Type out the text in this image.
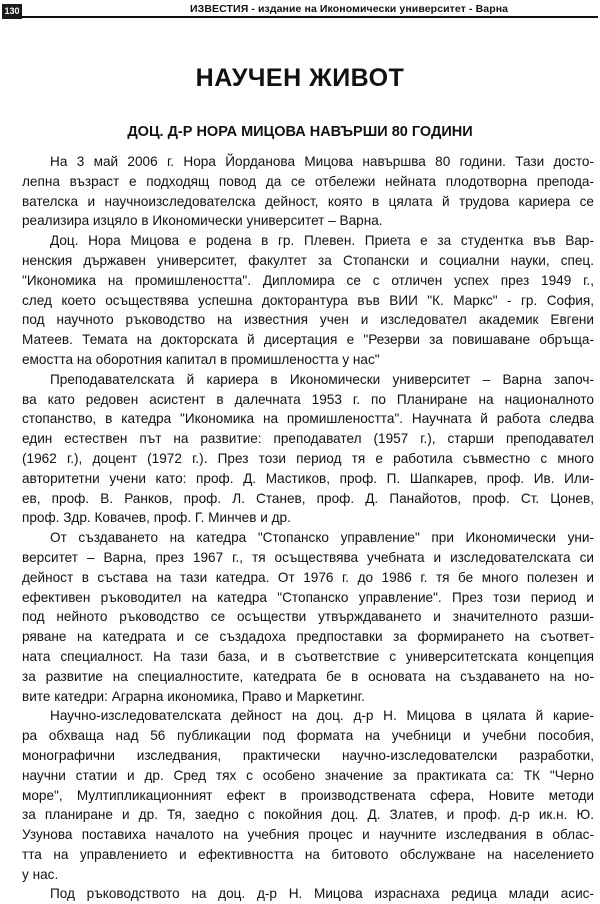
130	ИЗВЕСТИЯ - издание на Икономически университет - Варна
НАУЧЕН ЖИВОТ
ДОЦ. Д-Р НОРА МИЦОВА НАВЪРШИ 80 ГОДИНИ

На 3 май 2006 г. Нора Йорданова Мицова навършва 80 години. Тази досто-
лепна възраст е подходящ повод да се отбележи нейната плодотворна препода-
вателска и научноизследователска дейност, която в цялата й трудова кариера се
реализира изцяло в Икономически университет – Варна.

Доц. Нора Мицова е родена в гр. Плевен. Приета е за студентка във Вар-
ненския държавен университет, факултет за Стопански и социални науки, спец.
"Икономика на промишлеността". Дипломира се с отличен успех през 1949 г.,
след което осъществява успешна докторантура във ВИИ "К. Маркс" - гр. София,
под научното ръководство на известния учен и изследовател академик Евгени
Матеев. Темата на докторската й дисертация е "Резерви за повишаване обръща-
емостта на оборотния капитал в промишлеността у нас"

Преподавателската й кариера в Икономически университет – Варна започ-
ва като редовен асистент в далечната 1953 г. по Планиране на националното
стопанство, в катедра "Икономика на промишлеността". Научната й работа следва
един естествен път на развитие: преподавател (1957 г.), старши преподавател
(1962 г.), доцент (1972 г.). През този период тя е работила съвместно с много
авторитетни учени като: проф. Д. Мастиков, проф. П. Шапкарев, проф. Ив. Или-
ев, проф. В. Ранков, проф. Л. Станев, проф. Д. Панайотов, проф. Ст. Цонев,
проф. Здр. Ковачев, проф. Г. Минчев и др.

От създаването на катедра "Стопанско управление" при Икономически уни-
верситет – Варна, през 1967 г., тя осъществява учебната и изследователската си
дейност в състава на тази катедра. От 1976 г. до 1986 г. тя бе много полезен и
ефективен ръководител на катедра "Стопанско управление". През този период и
под нейното ръководство се осъществи утвърждаването и значителното разши-
ряване на катедрата и се създадоха предпоставки за формирането на съответ-
ната специалност. На тази база, и в съответствие с университетската концепция
за развитие на специалностите, катедрата бе в основата на създаването на но-
вите катедри: Аграрна икономика, Право и Маркетинг.

Научно-изследователската дейност на доц. д-р Н. Мицова в цялата й карие-
ра обхваща над 56 публикации под формата на учебници и учебни пособия,
монографични изследвания, практически научно-изследователски разработки,
научни статии и др. Сред тях с особено значение за практиката са: ТК "Черно
море", Мултипликационният ефект в производствената сфера, Новите методи
за планиране и др. Тя, заедно с покойния доц. Д. Златев, и проф. д-р ик.н. Ю.
Узунова поставиха началото на учебния процес и научните изследвания в облас-
тта на управлението и ефективността на битовото обслужване на населението
у нас.

Под ръководството на доц. д-р Н. Мицова израснаха редица млади асис-
